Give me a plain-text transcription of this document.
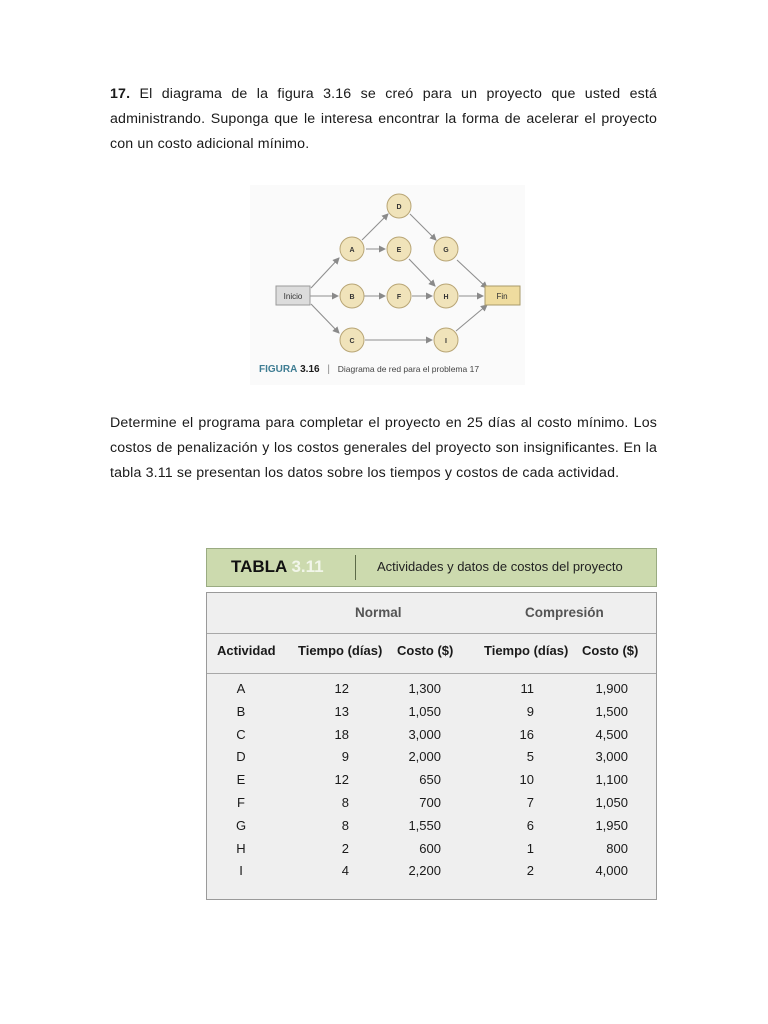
17. El diagrama de la figura 3.16 se creó para un proyecto que usted está administrando. Suponga que le interesa encontrar la forma de acelerar el proyecto con un costo adicional mínimo.
Inicio	Fin
D
A	E	G
B	F	H
C	I
FIGURA 3.16 | Diagrama de red para el problema 17
Determine el programa para completar el proyecto en 25 días al costo mínimo. Los costos de penalización y los costos generales del proyecto son insignificantes. En la tabla 3.11 se presentan los datos sobre los tiempos y costos de cada actividad.
TABLA 3.11	Actividades y datos de costos del proyecto
Normal	Compresión
Actividad Tiempo (días) Costo ($) Tiempo (días) Costo ($)
A	12	1,300	11	1,900
B	13	1,050	9	1,500
C	18	3,000	16	4,500
D	9	2,000	5	3,000
E	12	650	10	1,100
F	8	700	7	1,050
G	8	1,550	6	1,950
H	2	600	1	800
I	4	2,200	2	4,000
